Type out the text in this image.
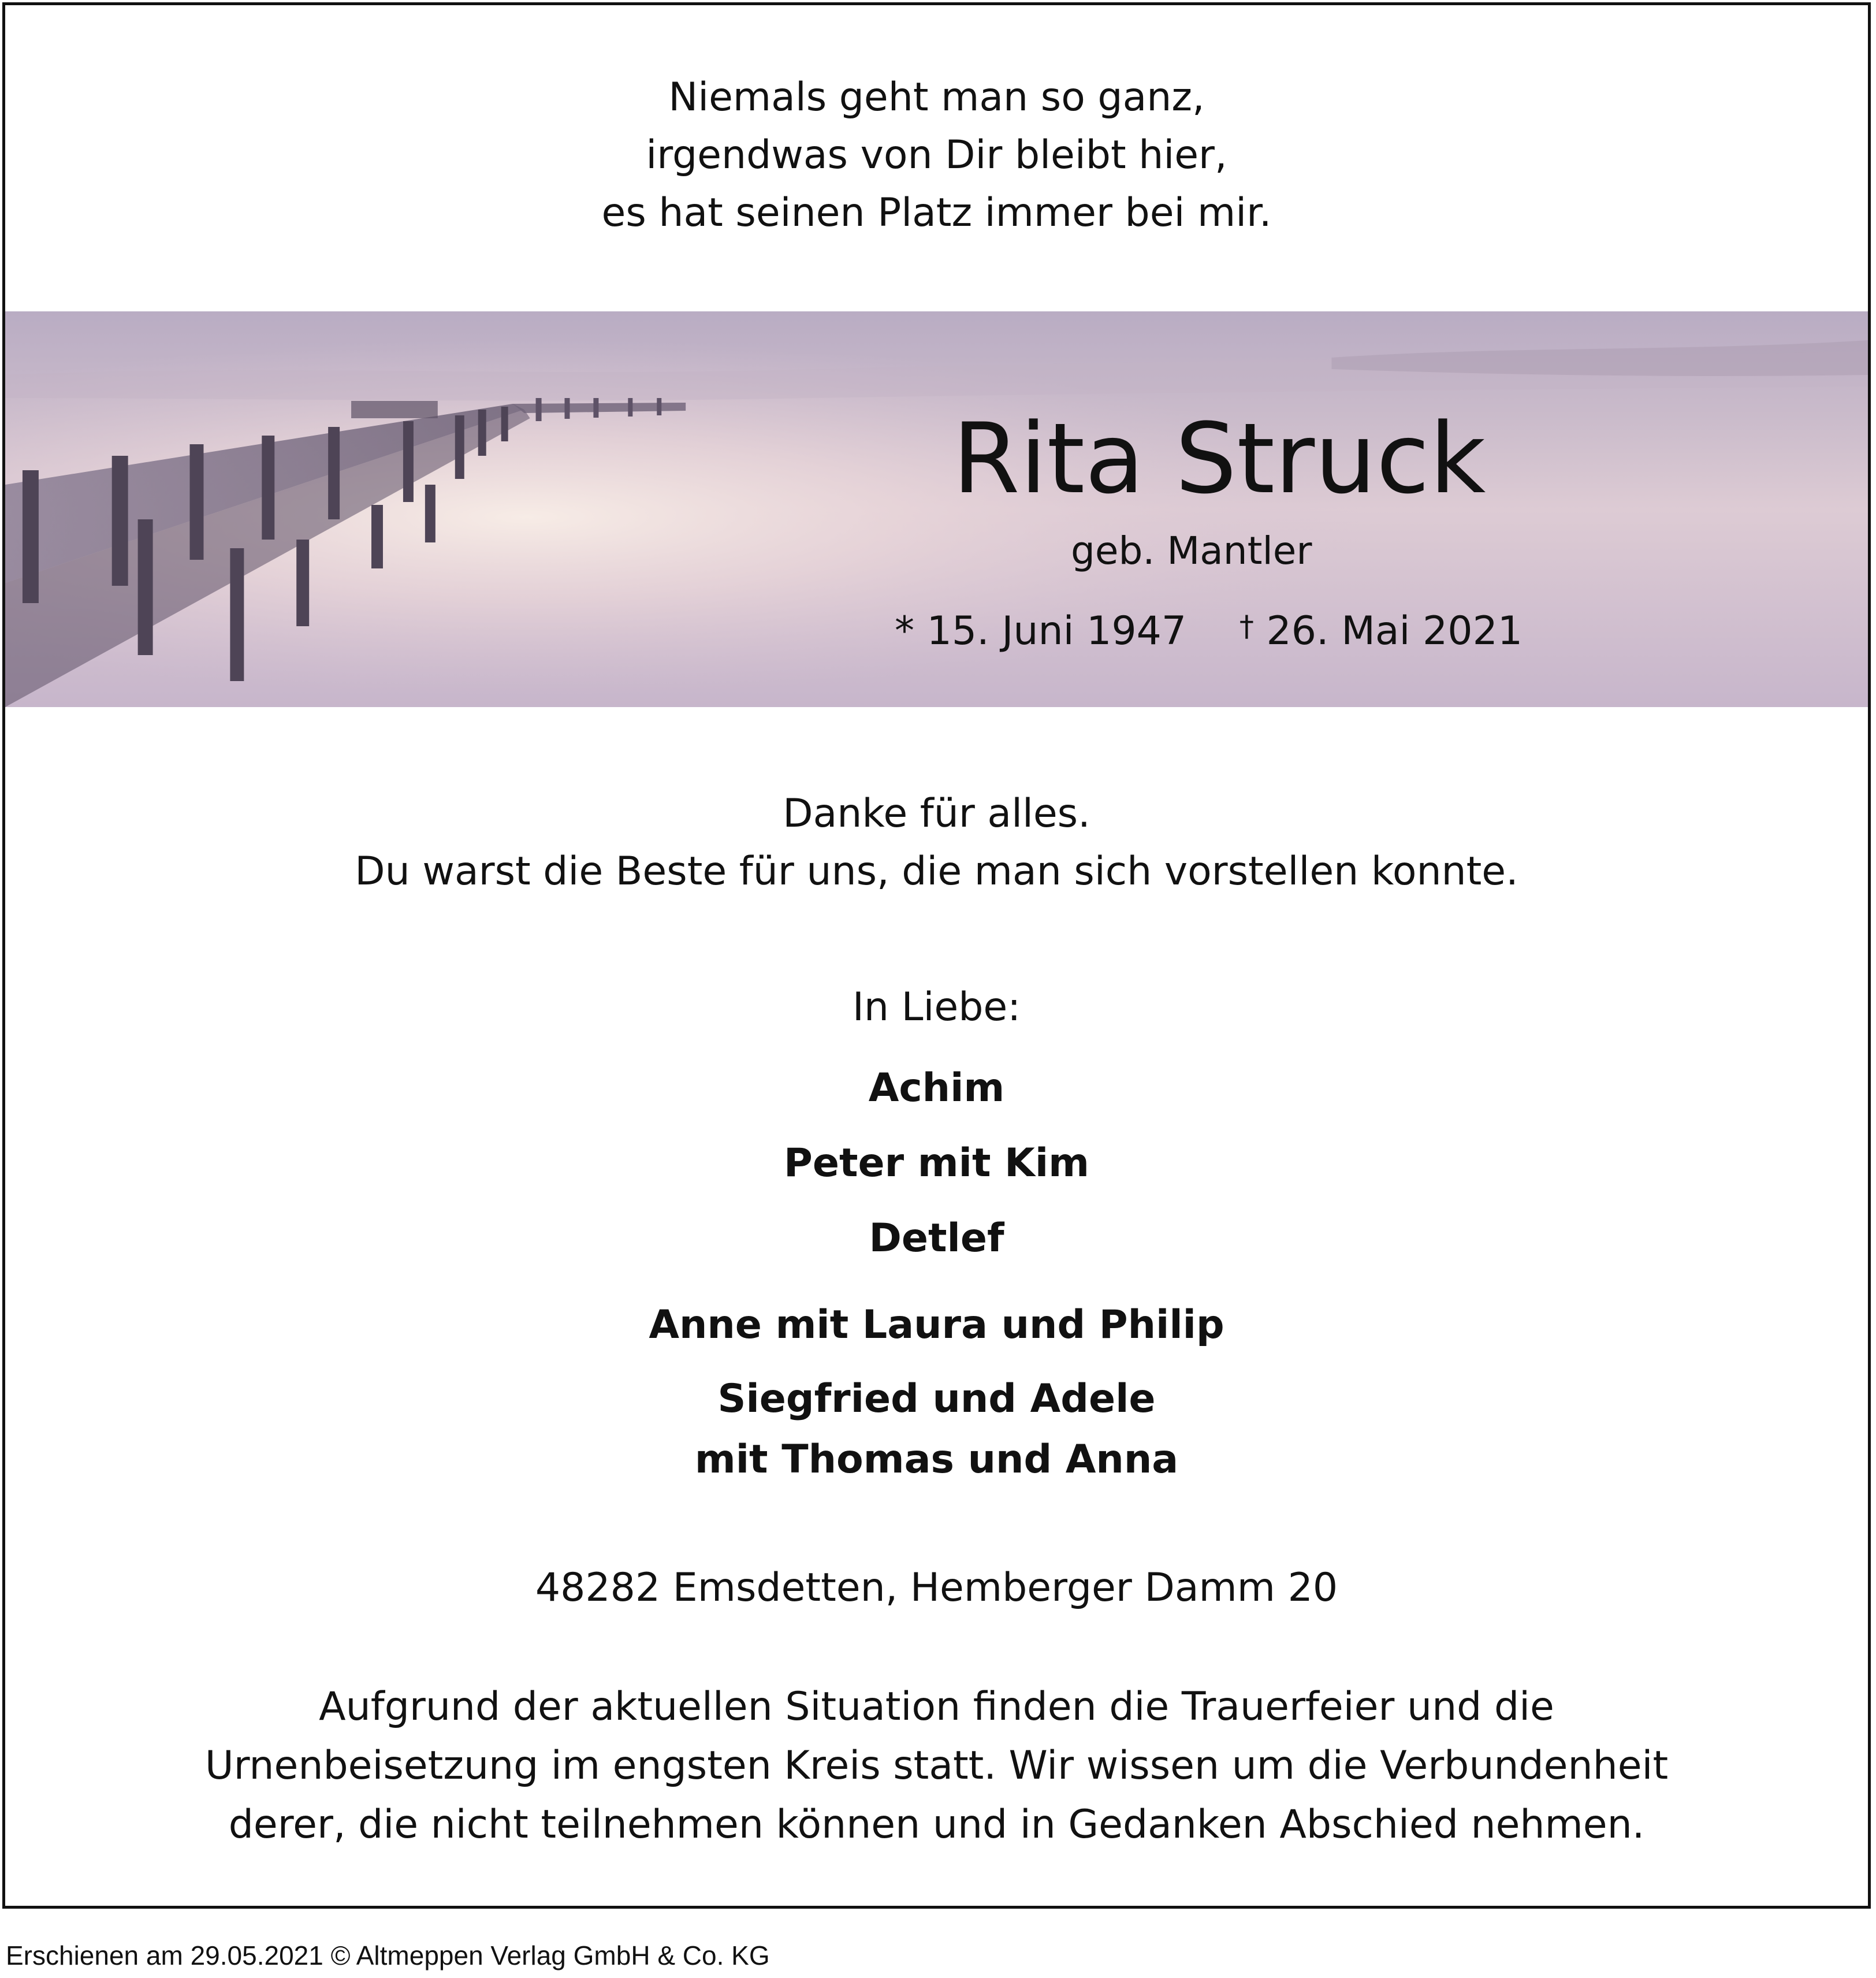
Niemals geht man so ganz,
irgendwas von Dir bleibt hier,
es hat seinen Platz immer bei mir.
Rita Struck
geb. Mantler
* 15. Juni 1947 † 26. Mai 2021
Danke für alles.
Du warst die Beste für uns, die man sich vorstellen konnte.
In Liebe:
Achim
Peter mit Kim
Detlef
Anne mit Laura und Philip
Siegfried und Adele
mit Thomas und Anna
48282 Emsdetten, Hemberger Damm 20
Aufgrund der aktuellen Situation finden die Trauerfeier und die
Urnenbeisetzung im engsten Kreis statt. Wir wissen um die Verbundenheit
derer, die nicht teilnehmen können und in Gedanken Abschied nehmen.
Erschienen am 29.05.2021 © Altmeppen Verlag GmbH & Co. KG
